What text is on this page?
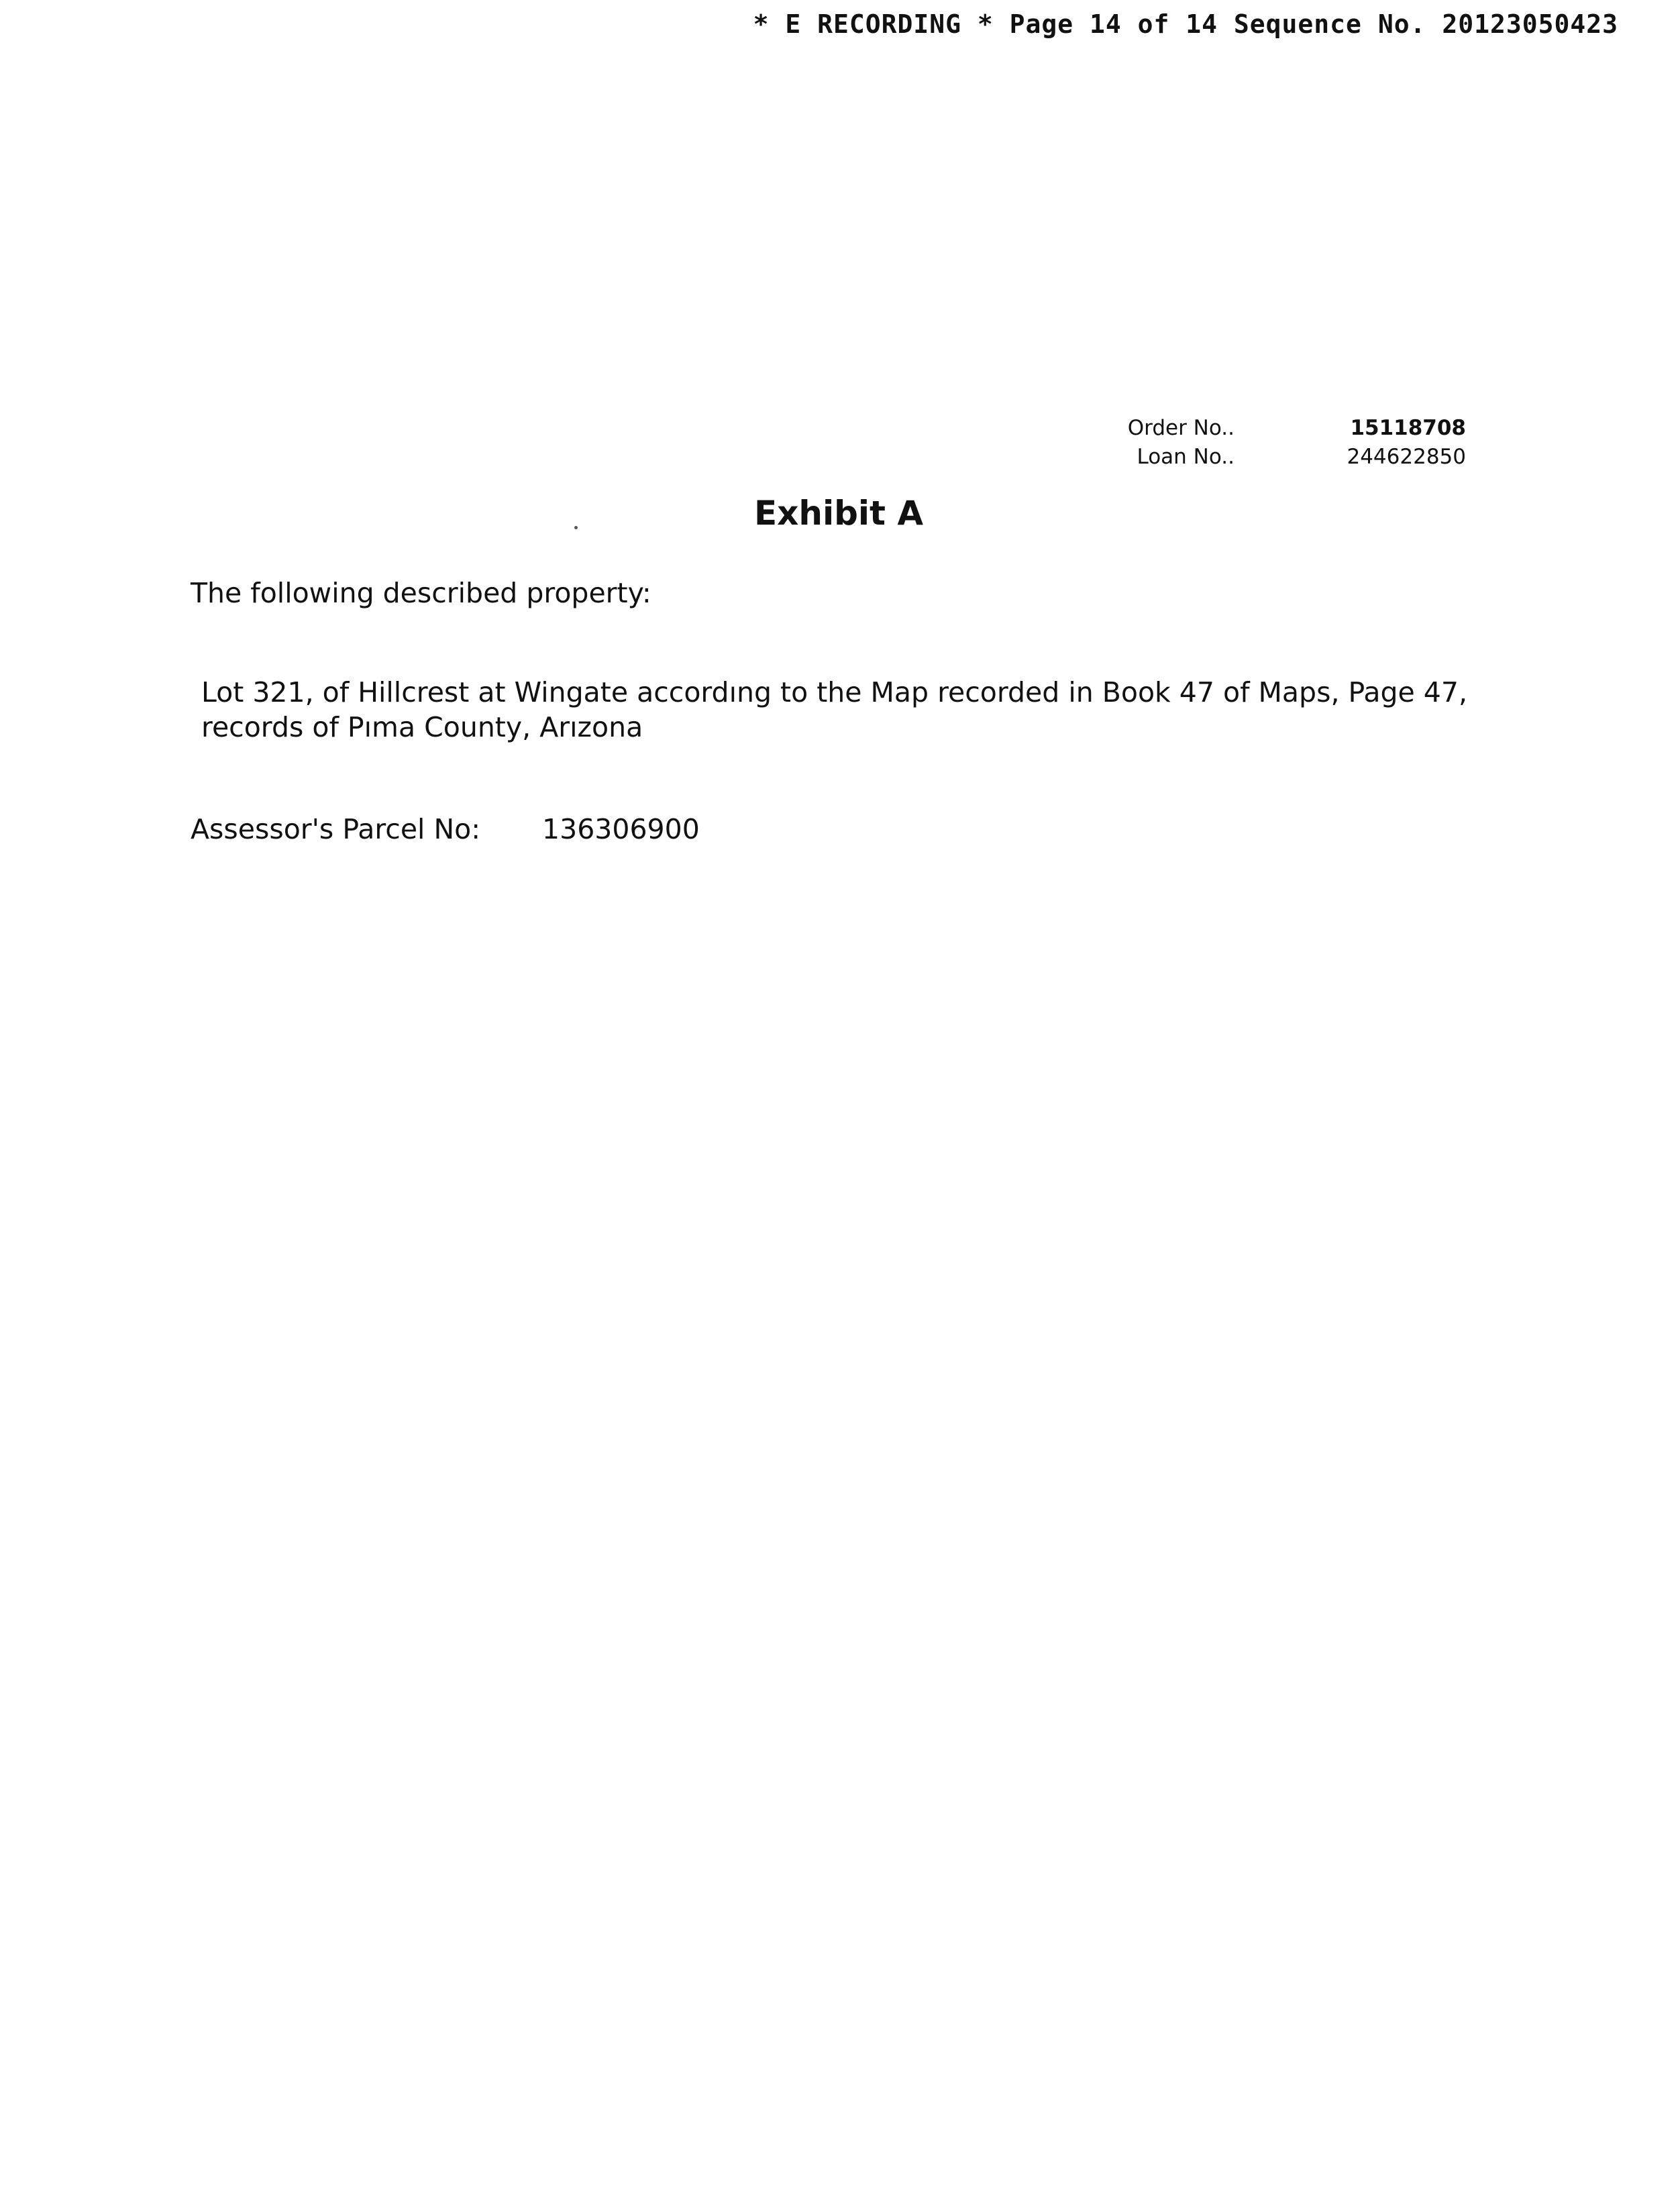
* E RECORDING * Page 14 of 14 Sequence No. 20123050423
Order No..	15118708
Loan No..	244622850
Exhibit A
The following described property:
Lot 321, of Hillcrest at Wingate accordıng to the Map recorded in Book 47 of Maps, Page 47, records of Pıma County, Arızona
Assessor's Parcel No: 136306900
